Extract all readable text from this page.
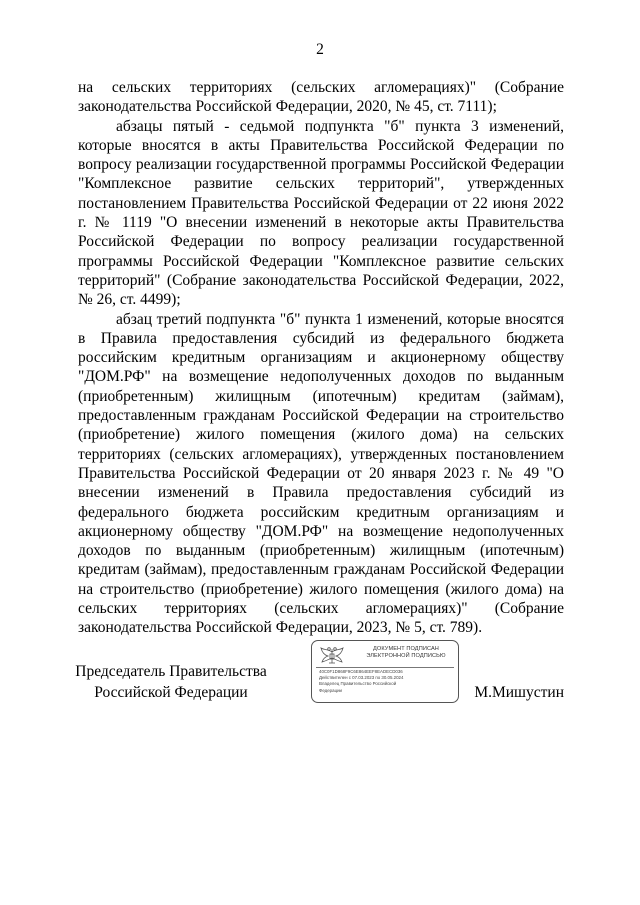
2

на сельских территориях (сельских агломерациях)" (Собрание законодательства Российской Федерации, 2020, № 45, ст. 7111);

абзацы пятый - седьмой подпункта "б" пункта 3 изменений, которые вносятся в акты Правительства Российской Федерации по вопросу реализации государственной программы Российской Федерации "Комплексное развитие сельских территорий", утвержденных постановлением Правительства Российской Федерации от 22 июня 2022 г. № 1119 "О внесении изменений в некоторые акты Правительства Российской Федерации по вопросу реализации государственной программы Российской Федерации "Комплексное развитие сельских территорий" (Собрание законодательства Российской Федерации, 2022, № 26, ст. 4499);

абзац третий подпункта "б" пункта 1 изменений, которые вносятся в Правила предоставления субсидий из федерального бюджета российским кредитным организациям и акционерному обществу "ДОМ.РФ" на возмещение недополученных доходов по выданным (приобретенным) жилищным (ипотечным) кредитам (займам), предоставленным гражданам Российской Федерации на строительство (приобретение) жилого помещения (жилого дома) на сельских территориях (сельских агломерациях), утвержденных постановлением Правительства Российской Федерации от 20 января 2023 г. № 49 "О внесении изменений в Правила предоставления субсидий из федерального бюджета российским кредитным организациям и акционерному обществу "ДОМ.РФ" на возмещение недополученных доходов по выданным (приобретенным) жилищным (ипотечным) кредитам (займам), предоставленным гражданам Российской Федерации на строительство (приобретение) жилого помещения (жилого дома) на сельских территориях (сельских агломерациях)" (Собрание законодательства Российской Федерации, 2023, № 5, ст. 789).

Председатель Правительства
Российской Федерации
ДОКУМЕНТ ПОДПИСАН
ЭЛЕКТРОННОЙ ПОДПИСЬЮ
40C0F1D868F9C6E864EEF8EADECD036
Действителен с 07.03.2023 по 30.05.2024
Владелец Правительство Российской
Федерации	М.Мишустин
